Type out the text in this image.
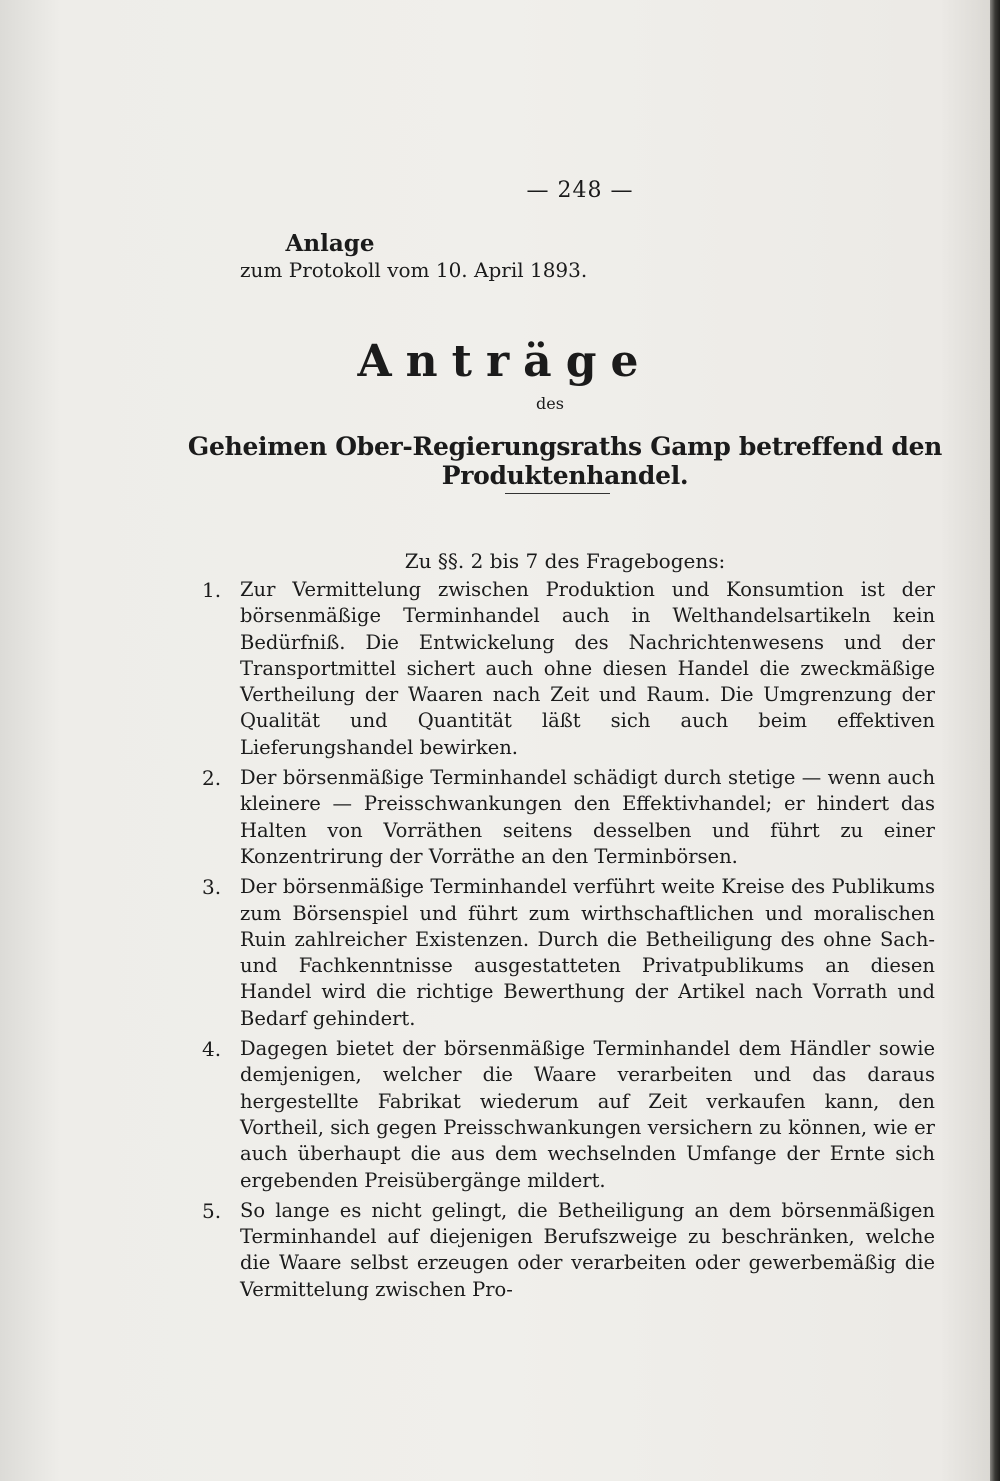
— 248 —
Anlage
zum Protokoll vom 10. April 1893.
Anträge
des
Geheimen Ober-Regierungsraths Gamp betreffend den Produktenhandel.
Zu §§. 2 bis 7 des Fragebogens:
1. Zur Vermittelung zwischen Produktion und Konsumtion ist der börsenmäßige Terminhandel auch in Welthandelsartikeln kein Bedürfniß. Die Entwickelung des Nachrichtenwesens und der Transportmittel sichert auch ohne diesen Handel die zweckmäßige Vertheilung der Waaren nach Zeit und Raum. Die Umgrenzung der Qualität und Quantität läßt sich auch beim effektiven Lieferungshandel bewirken.

2. Der börsenmäßige Terminhandel schädigt durch stetige — wenn auch kleinere — Preisschwankungen den Effektivhandel; er hindert das Halten von Vorräthen seitens desselben und führt zu einer Konzentrirung der Vorräthe an den Terminbörsen.

3. Der börsenmäßige Terminhandel verführt weite Kreise des Publikums zum Börsenspiel und führt zum wirthschaftlichen und moralischen Ruin zahlreicher Existenzen. Durch die Betheiligung des ohne Sach- und Fachkenntnisse ausgestatteten Privatpublikums an diesen Handel wird die richtige Bewerthung der Artikel nach Vorrath und Bedarf gehindert.

4. Dagegen bietet der börsenmäßige Terminhandel dem Händler sowie demjenigen, welcher die Waare verarbeiten und das daraus hergestellte Fabrikat wiederum auf Zeit verkaufen kann, den Vortheil, sich gegen Preisschwankungen versichern zu können, wie er auch überhaupt die aus dem wechselnden Umfange der Ernte sich ergebenden Preisübergänge mildert.

5. So lange es nicht gelingt, die Betheiligung an dem börsenmäßigen Terminhandel auf diejenigen Berufszweige zu beschränken, welche die Waare selbst erzeugen oder verarbeiten oder gewerbemäßig die Vermittelung zwischen Pro-
